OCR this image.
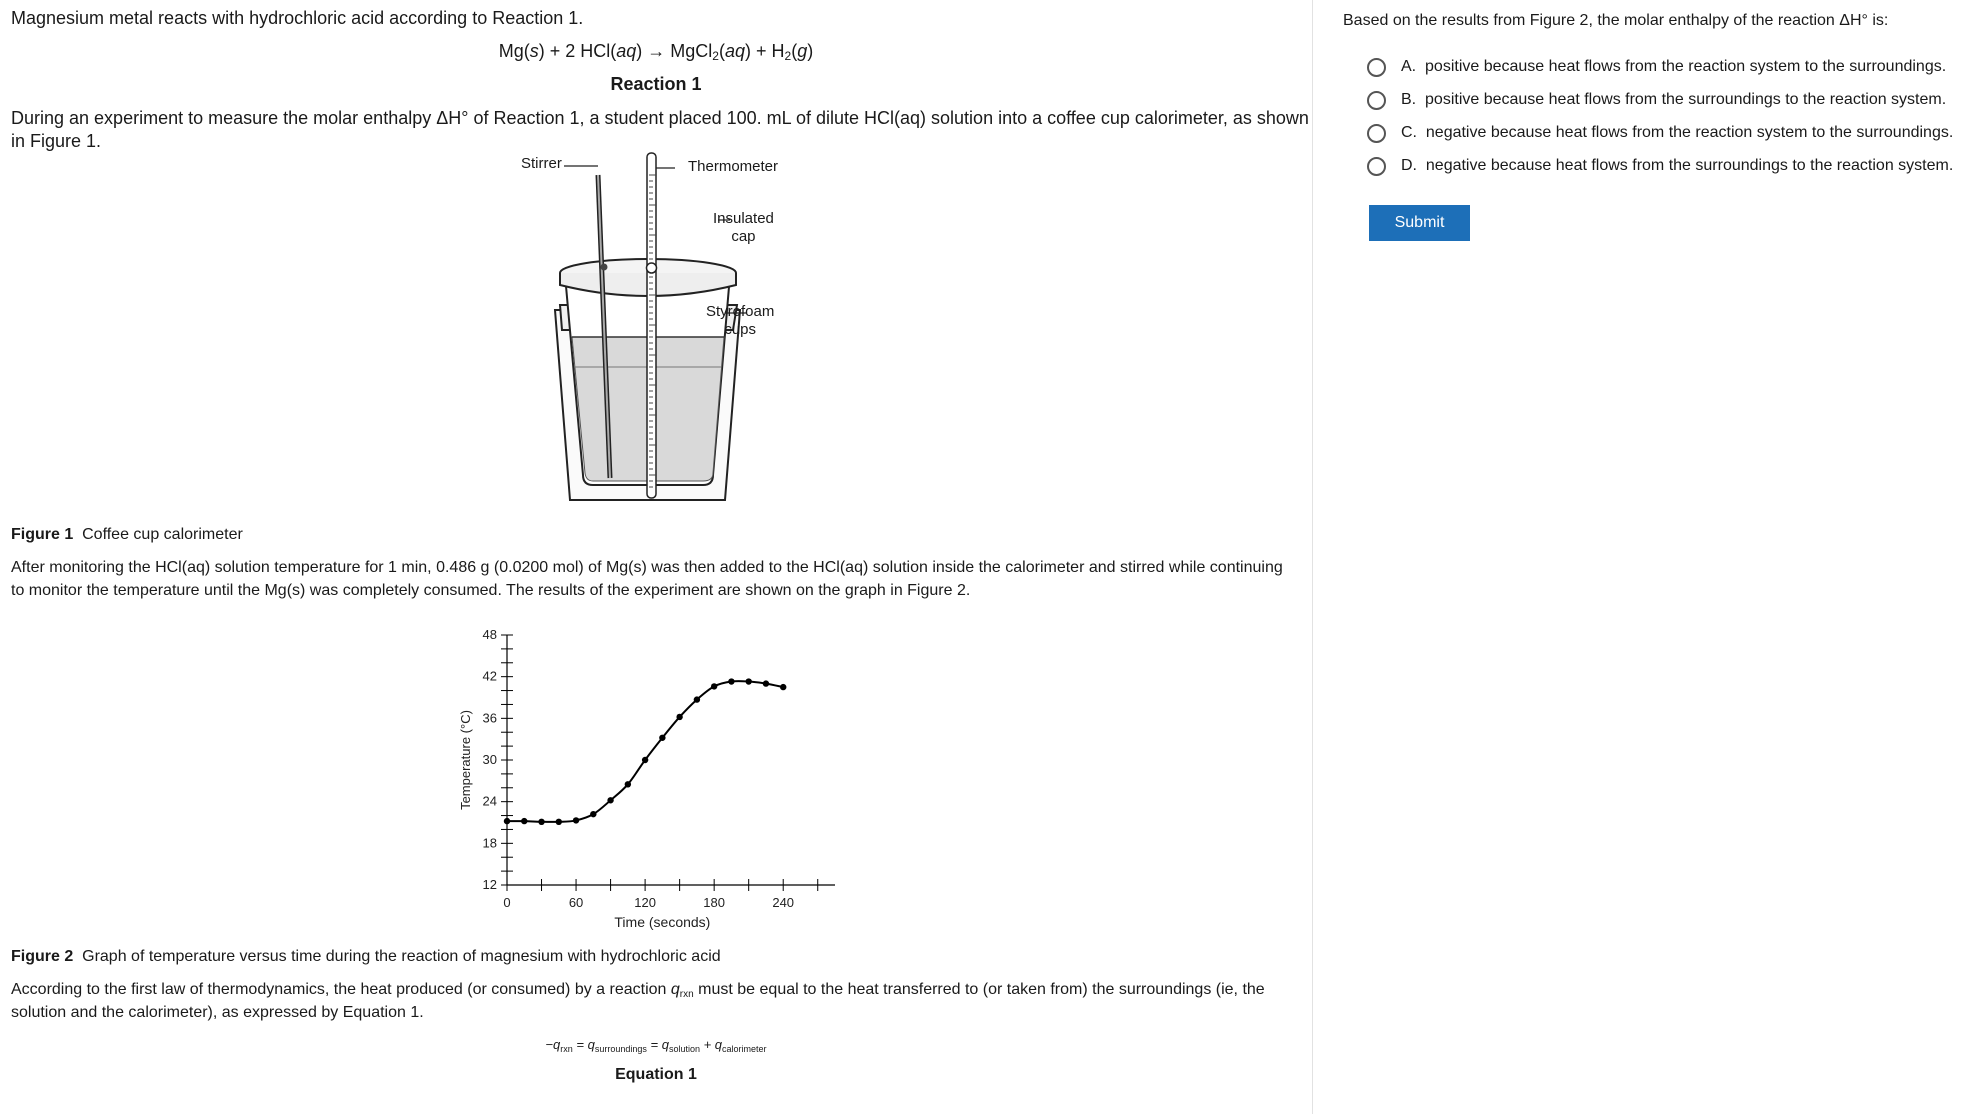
Magnesium metal reacts with hydrochloric acid according to Reaction 1.
Mg(s) + 2 HCl(aq) → MgCl$_2$(aq) + $H_2(g)$
Reaction 1
During an experiment to measure the molar enthalpy ΔH° of Reaction 1, a student placed 100. mL of dilute HCl(aq) solution into a coffee cup calorimeter, as shown in Figure 1.
Stirrer	Thermometer
Insulated
cap
Styrofoam
cups
Figure 1 Coffee cup calorimeter
After monitoring the HCl(aq) solution temperature for 1 min, 0.486 g (0.0200 mol) of Mg(s) was then added to the HCl(aq) solution inside the calorimeter and stirred while continuing
to monitor the temperature until the Mg(s) was completely consumed. The results of the experiment are shown on the graph in Figure 2.
0	60	120	180	240
12
18
24
30
36
42
48
Time (seconds)
Temperature (°C)
Figure 2 Graph of temperature versus time during the reaction of magnesium with hydrochloric acid
According to the first law of thermodynamics, the heat produced (or consumed) by a reaction $q_{rxn}$ must be equal to the heat transferred to (or taken from) the surroundings (ie, the
solution and the calorimeter), as expressed by Equation 1.
$-q_{rxn} = q_{surroundings} = q_{solution} + q_{calorimeter}$
Equation 1
Based on the results from Figure 2, the molar enthalpy of the reaction ΔH° is:
A. positive because heat flows from the reaction system to the surroundings.
B. positive because heat flows from the surroundings to the reaction system.
C. negative because heat flows from the reaction system to the surroundings.
D. negative because heat flows from the surroundings to the reaction system.
Submit
